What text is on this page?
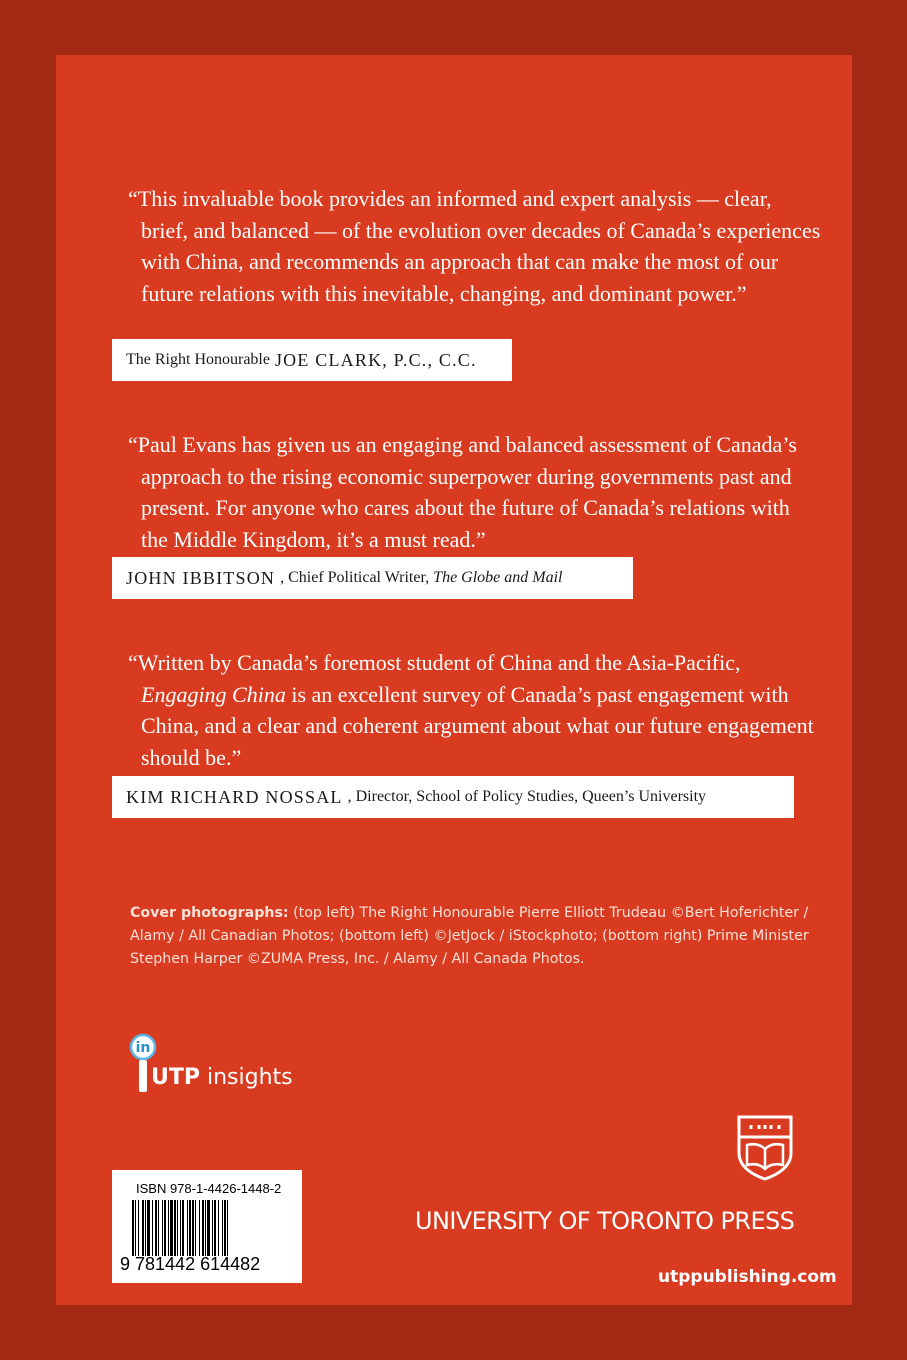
“This invaluable book provides an informed and expert analysis — clear, brief, and balanced — of the evolution over decades of Canada’s experiences with China, and recommends an approach that can make the most of our future relations with this inevitable, changing, and dominant power.”
The Right Honourable JOE CLARK , P.C., C.C.
“Paul Evans has given us an engaging and balanced assessment of Canada’s approach to the rising economic superpower during governments past and present. For anyone who cares about the future of Canada’s relations with the Middle Kingdom, it’s a must read.”
JOHN IBBITSON , Chief Political Writer, The Globe and Mail
“Written by Canada’s foremost student of China and the Asia-Pacific, Engaging China is an excellent survey of Canada’s past engagement with China, and a clear and coherent argument about what our future engagement should be.”
KIM RICHARD NOSSAL , Director, School of Policy Studies, Queen’s University
Cover photographs: (top left) The Right Honourable Pierre Elliott Trudeau ©Bert Hoferichter / Alamy / All Canadian Photos; (bottom left) ©JetJock / iStockphoto; (bottom right) Prime Minister Stephen Harper ©ZUMA Press, Inc. / Alamy / All Canada Photos.
in
UTP insights
ISBN 978-1-4426-1448-2
9 781442 614482
UNIVERSITY OF TORONTO PRESS
utppublishing.com
